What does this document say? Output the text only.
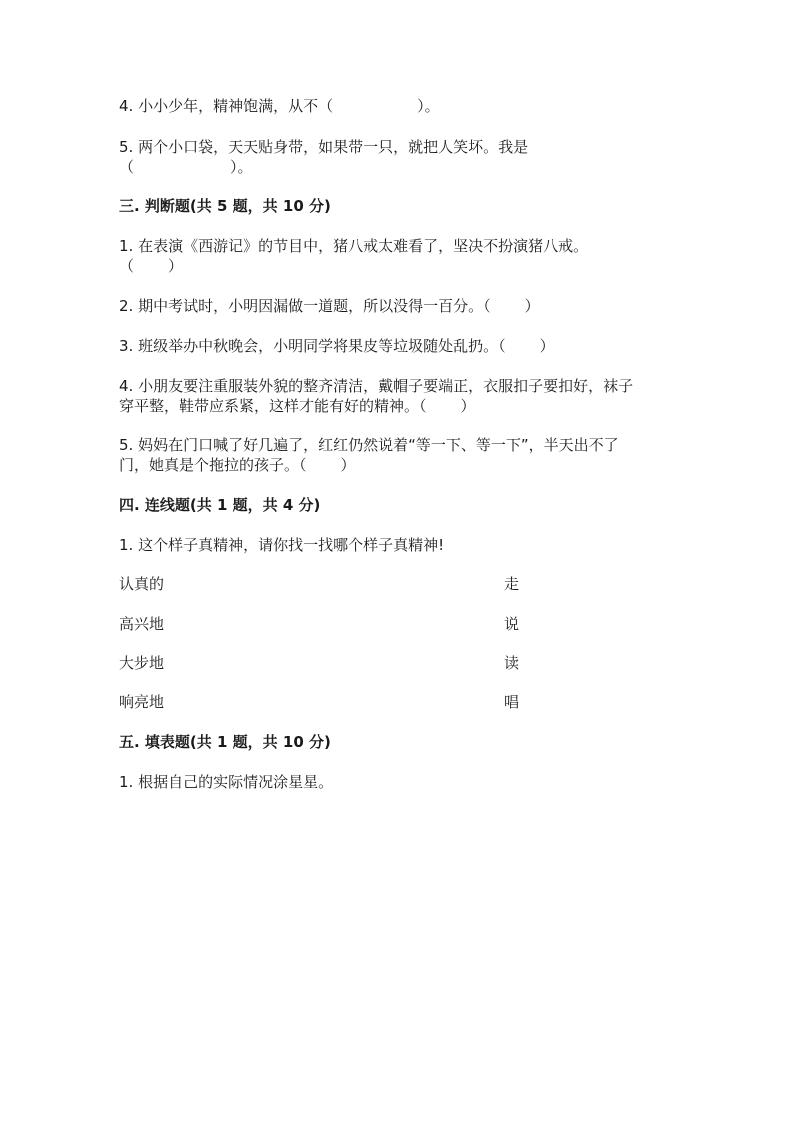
4. 小小少年，精神饱满，从不（	）。
5. 两个小口袋，天天贴身带，如果带一只，就把人笑坏。我是
（	）。
三. 判断题(共 5 题，共 10 分)
1. 在表演《西游记》的节目中，猪八戒太难看了，坚决不扮演猪八戒。
（ ）
2. 期中考试时，小明因漏做一道题，所以没得一百分。（ ）
3. 班级举办中秋晚会，小明同学将果皮等垃圾随处乱扔。（ ）
4. 小朋友要注重服装外貌的整齐清洁，戴帽子要端正，衣服扣子要扣好，袜子
穿平整，鞋带应系紧，这样才能有好的精神。（ ）
5. 妈妈在门口喊了好几遍了，红红仍然说着“等一下、等一下”，半天出不了
门，她真是个拖拉的孩子。（ ）
四. 连线题(共 1 题，共 4 分)
1. 这个样子真精神，请你找一找哪个样子真精神!
认真的	走
高兴地	说
大步地	读
响亮地	唱
五. 填表题(共 1 题，共 10 分)
1. 根据自己的实际情况涂星星。
